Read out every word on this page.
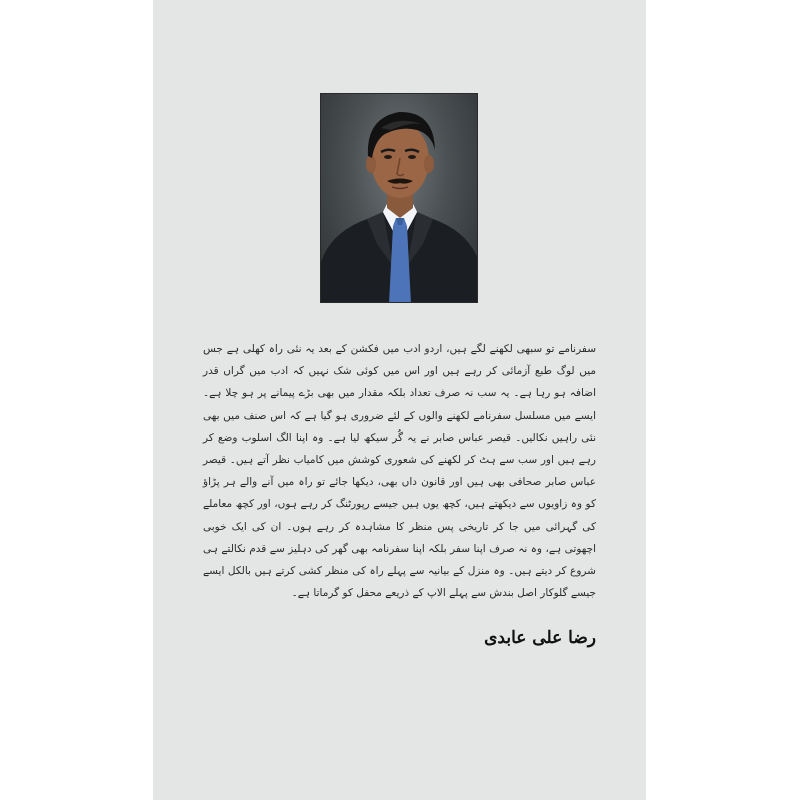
سفرنامے تو سبھی لکھنے لگے ہیں، اردو ادب میں فکشن کے بعد یہ نئی راہ کھلی ہے جس میں لوگ طبع آزمائی کر رہے ہیں اور اس میں کوئی شک نہیں کہ ادب میں گراں قدر اضافہ ہو رہا ہے۔ یہ سب نہ صرف تعداد بلکہ مقدار میں بھی بڑے پیمانے پر ہو چلا ہے۔ ایسے میں مسلسل سفرنامے لکھنے والوں کے لئے ضروری ہو گیا ہے کہ اس صنف میں بھی نئی راہیں نکالیں۔ قیصر عباس صابر نے یہ گُر سیکھ لیا ہے۔ وہ اپنا الگ اسلوب وضع کر رہے ہیں اور سب سے ہٹ کر لکھنے کی شعوری کوشش میں کامیاب نظر آتے ہیں۔ قیصر عباس صابر صحافی بھی ہیں اور قانون داں بھی، دیکھا جائے تو راہ میں آنے والے ہر پڑاؤ کو وہ زاویوں سے دیکھتے ہیں، کچھ یوں ہیں جیسے رپورٹنگ کر رہے ہوں، اور کچھ معاملے کی گہرائی میں جا کر تاریخی پس منظر کا مشاہدہ کر رہے ہوں۔ ان کی ایک خوبی اچھوتی ہے، وہ نہ صرف اپنا سفر بلکہ اپنا سفرنامہ بھی گھر کی دہلیز سے قدم نکالتے ہی شروع کر دیتے ہیں۔ وہ منزل کے بیانیہ سے پہلے راہ کی منظر کشی کرتے ہیں بالکل ایسے جیسے گلوکار اصل بندش سے پہلے الاپ کے ذریعے محفل کو گرماتا ہے۔

رضا علی عابدی
